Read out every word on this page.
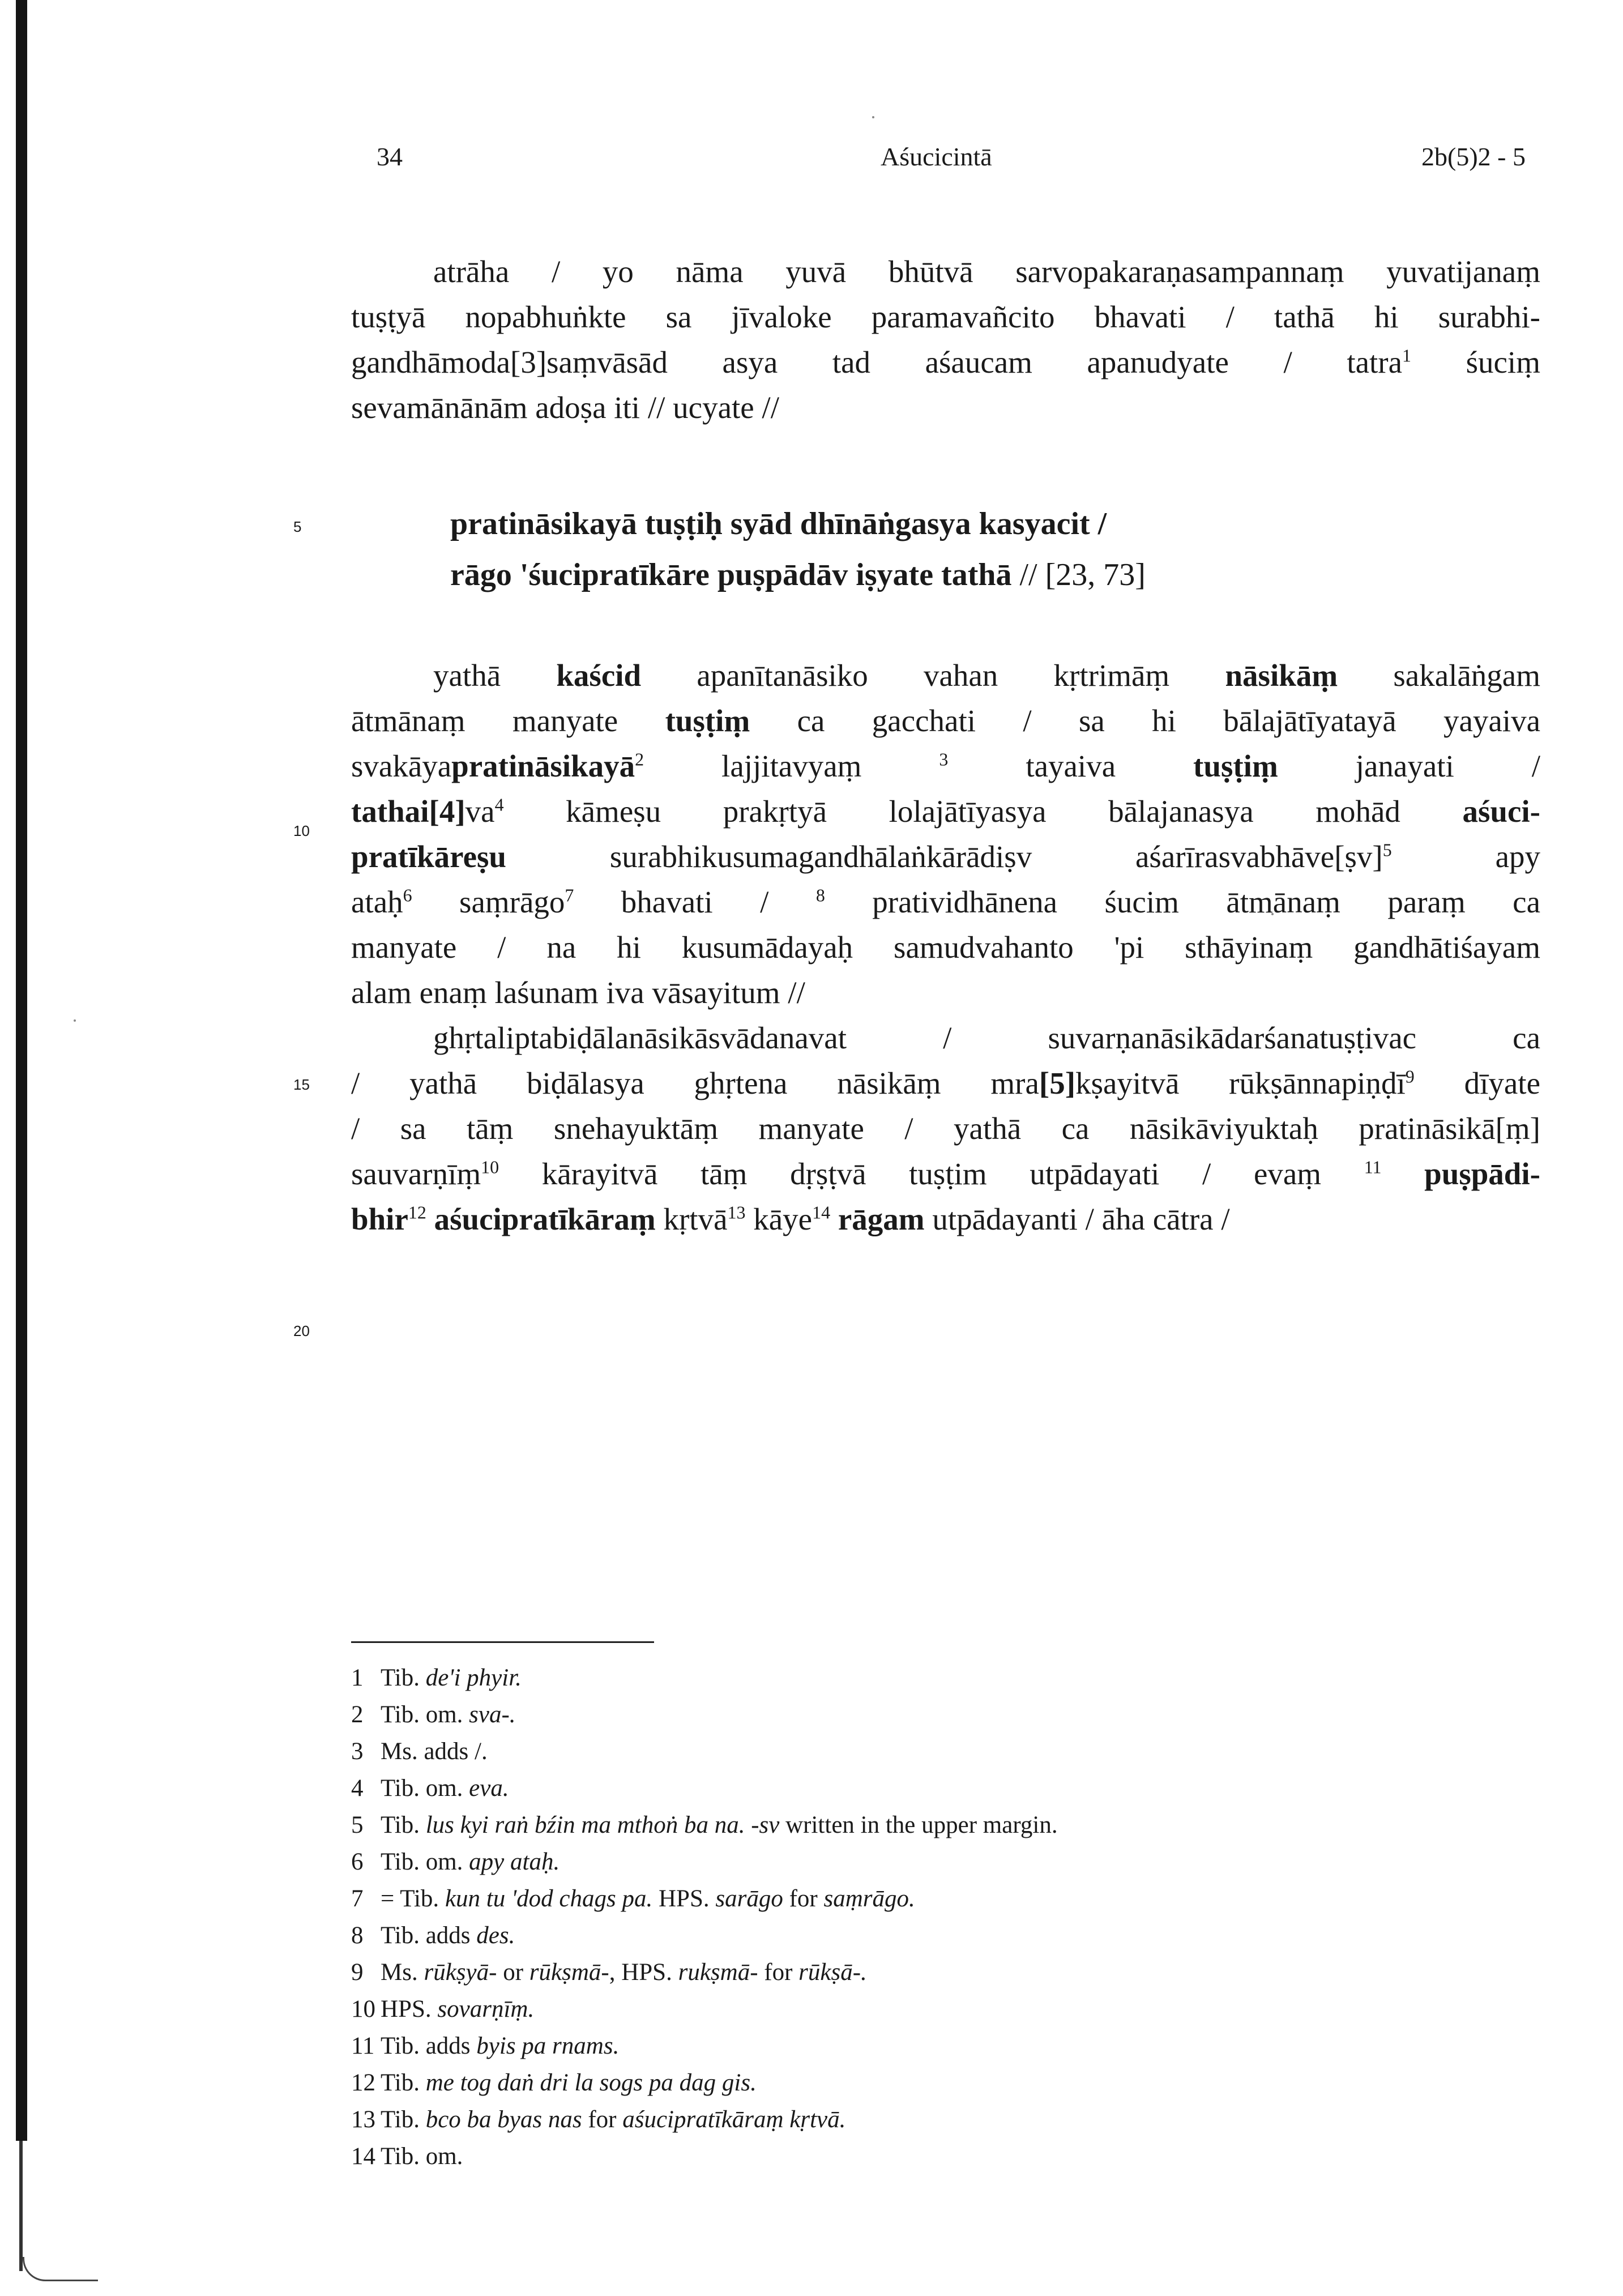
34	Aśucicintā	2b(5)2 - 5
5
10
15
20
atrāha / yo nāma yuvā bhūtvā sarvopakaraṇasampannaṃ yuvatijanaṃ
tuṣṭyā nopabhuṅkte sa jīvaloke paramavañcito bhavati / tathā hi surabhi-
gandhāmoda[3]saṃvāsād asya tad aśaucam apanudyate / tatra$^1$ śuciṃ
sevamānānām adoṣa iti // ucyate //
pratināsikayā tuṣṭiḥ syād dhīnāṅgasya kasyacit /
rāgo 'śucipratīkāre puṣpādāv iṣyate tathā // [23, 73]
yathā kaścid apanītanāsiko vahan kṛtrimāṃ nāsikāṃ sakalāṅgam
ātmānaṃ manyate tuṣṭiṃ ca gacchati / sa hi bālajātīyatayā yayaiva
svakāyapratināsikayā$^2$ lajjitavyaṃ $^3$ tayaiva tuṣṭiṃ janayati /
$tathai[4]va^4$ kāmeṣu prakṛtyā lolajātīyasya bālajanasya mohād aśuci-
pratīkāreṣu surabhikusumagandhālaṅkārādiṣv aśarīrasvabhāve[ṣv]$^5$ apy
ataḥ$^6$ saṃrāgo$^7$ bhavati / $^8$ pratividhānena śucim ātmānaṃ paraṃ ca
manyate / na hi kusumādayaḥ samudvahanto 'pi sthāyinaṃ gandhātiśayam
alam enaṃ laśunam iva vāsayitum //
ghṛtaliptabiḍālanāsikāsvādanavat / suvarṇanāsikādarśanatuṣṭivac ca
/ yathā biḍālasya ghṛtena nāsikāṃ mra[5]kṣayitvā rūkṣānnapiṇḍī$^9$ dīyate
/ sa tāṃ snehayuktāṃ manyate / yathā ca nāsikāviyuktaḥ pratināsikā[ṃ]
sauvarṇīṃ$^{10}$ kārayitvā tāṃ dṛṣṭvā tuṣṭim utpādayati / evaṃ $^{11}$ puṣpādi-
bhir$^{12}$ aśucipratīkāraṃ kṛtvā$^{13}$ kāye$^{14}$ rāgam utpādayanti / āha cātra /
1 Tib. de'i phyir.
2 Tib. om. sva-.
3 Ms. adds /.
4 Tib. om. eva.
5 Tib. lus kyi raṅ bźin ma mthoṅ ba na. -sv written in the upper margin.
6 Tib. om. apy ataḥ.
7 = Tib. kun tu 'dod chags pa. HPS. sarāgo for saṃrāgo.
8 Tib. adds des.
9 Ms. rūkṣyā- or rūkṣmā-, HPS. rukṣmā- for rūkṣā-.
10 HPS. sovarṇīṃ.
11 Tib. adds byis pa rnams.
12 Tib. me tog daṅ dri la sogs pa dag gis.
13 Tib. bco ba byas nas for aśucipratīkāraṃ kṛtvā.
14 Tib. om.
